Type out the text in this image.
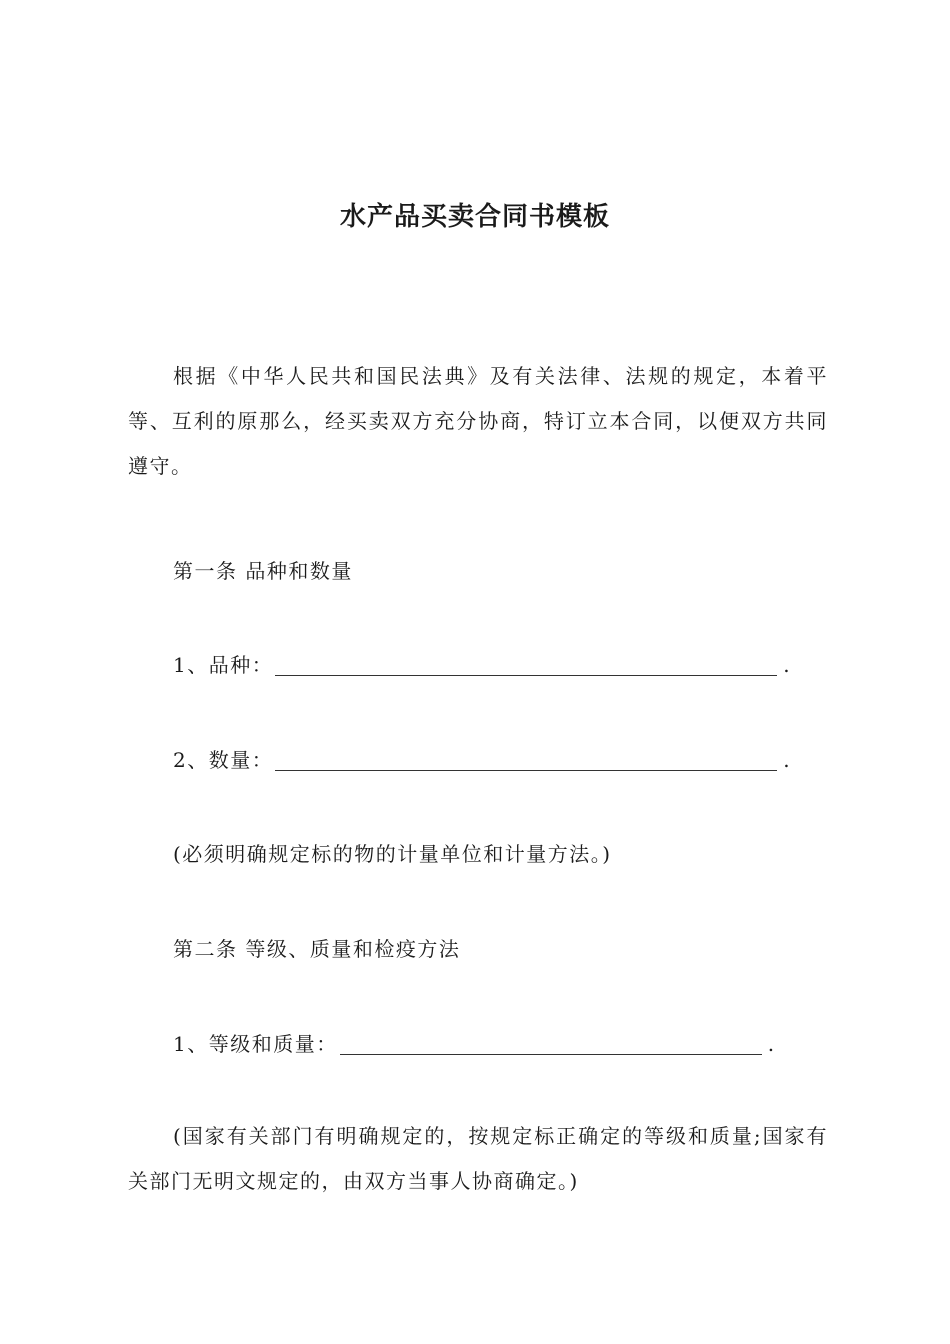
水产品买卖合同书模板
根据《中华人民共和国民法典》及有关法律、法规的规定，本着平等、互利的原那么，经买卖双方充分协商，特订立本合同，以便双方共同遵守。
第一条 品种和数量
1、品种：	.
2、数量：	.
(必须明确规定标的物的计量单位和计量方法。)
第二条 等级、质量和检疫方法
1、等级和质量：	.
(国家有关部门有明确规定的，按规定标正确定的等级和质量;国家有关部门无明文规定的，由双方当事人协商确定。)
